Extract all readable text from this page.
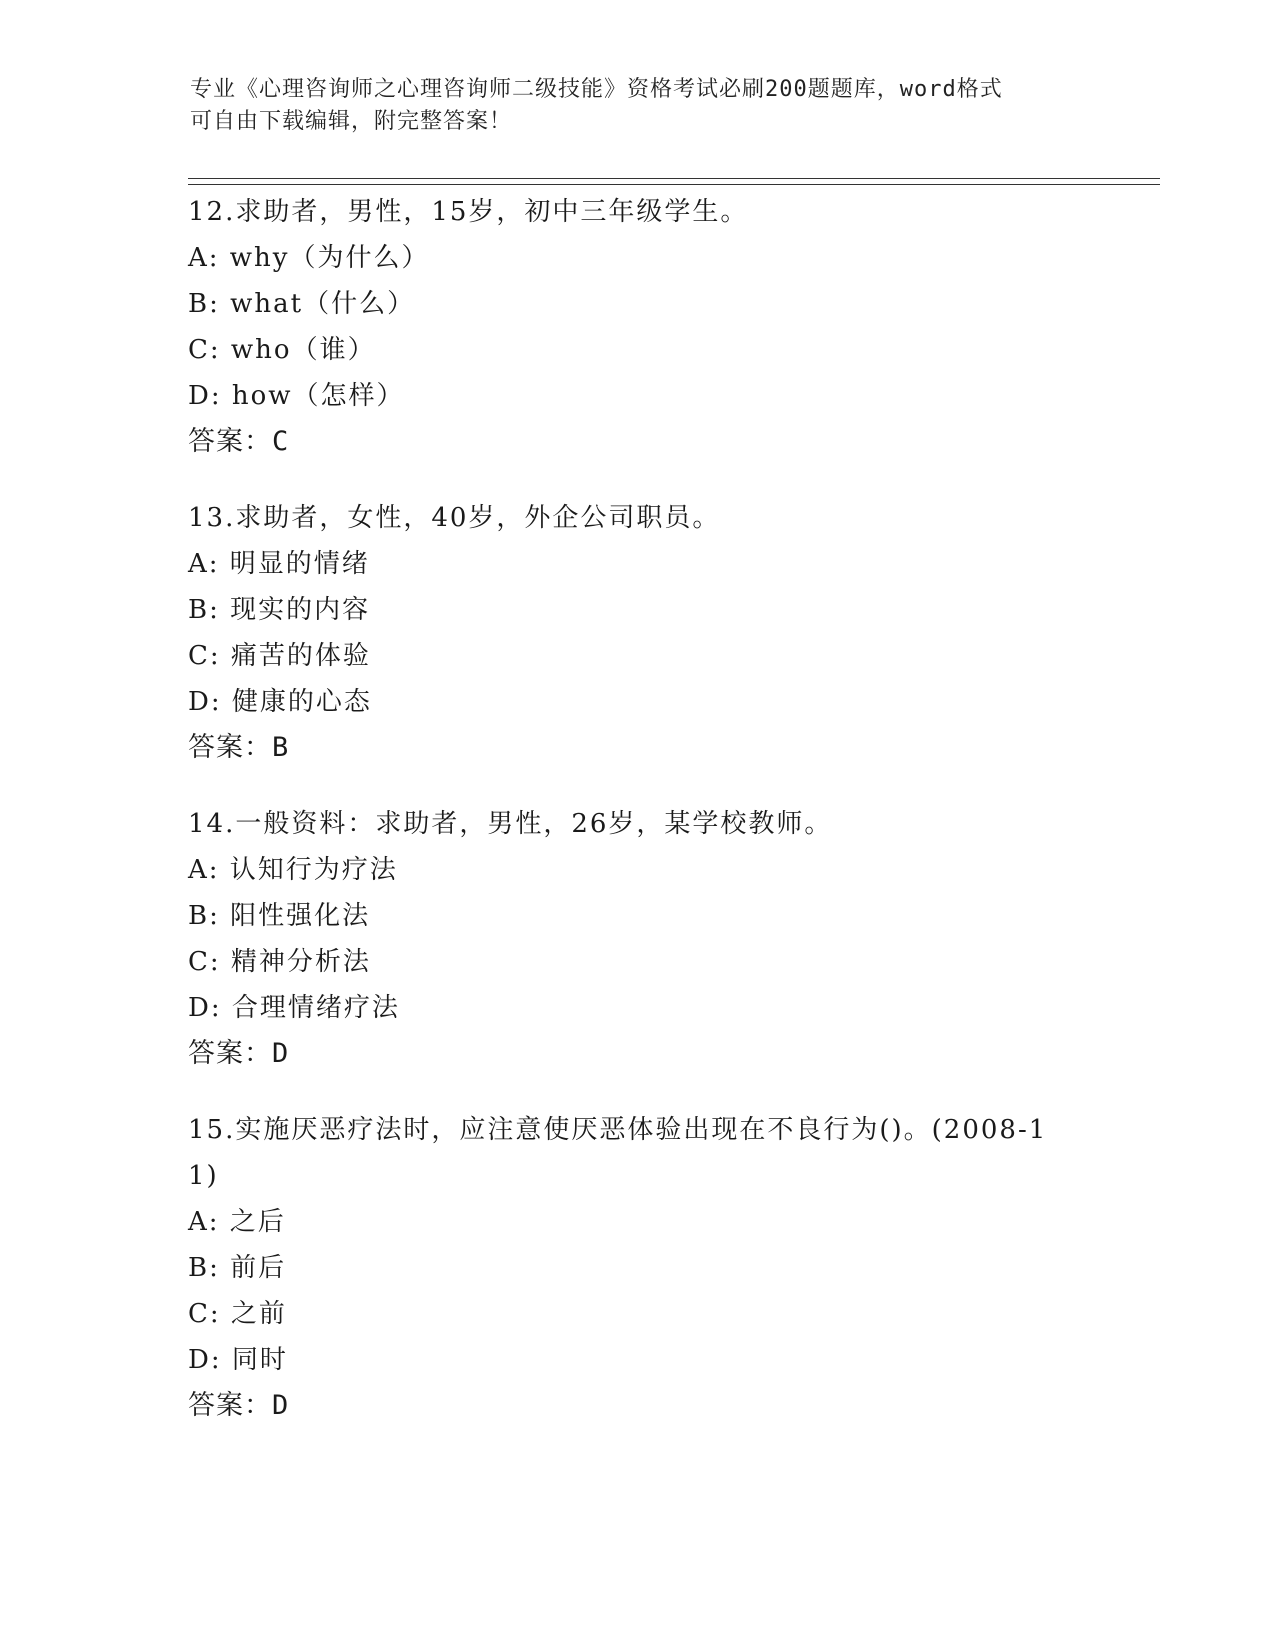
专业《心理咨询师之心理咨询师二级技能》资格考试必刷200题题库，word格式
可自由下载编辑，附完整答案！
12.求助者，男性，15岁，初中三年级学生。
A: why（为什么）
B: what（什么）
C: who（谁）
D: how（怎样）
答案：C
13.求助者，女性，40岁，外企公司职员。
A: 明显的情绪
B: 现实的内容
C: 痛苦的体验
D: 健康的心态
答案：B
14.一般资料：求助者，男性，26岁，某学校教师。
A: 认知行为疗法
B: 阳性强化法
C: 精神分析法
D: 合理情绪疗法
答案：D
15.实施厌恶疗法时，应注意使厌恶体验出现在不良行为()。(2008-11)
A: 之后
B: 前后
C: 之前
D: 同时
答案：D
